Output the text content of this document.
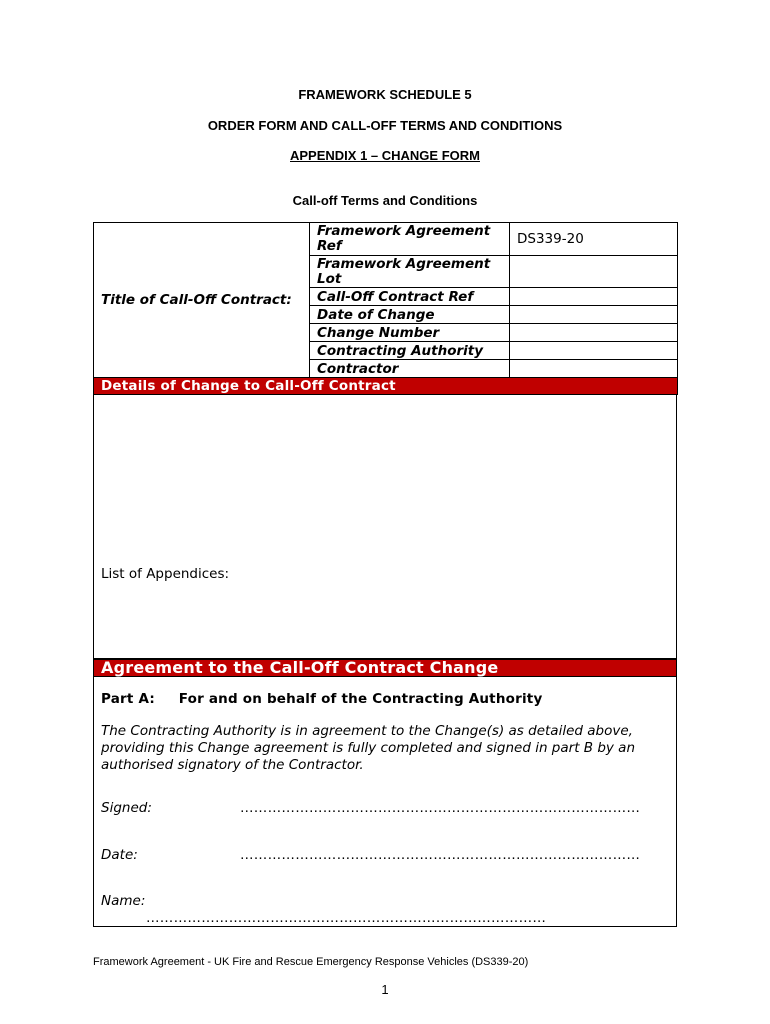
FRAMEWORK SCHEDULE 5
ORDER FORM AND CALL-OFF TERMS AND CONDITIONS
APPENDIX 1 – CHANGE FORM
Call-off Terms and Conditions
Title of Call-Off Contract:	Framework Agreement Ref	DS339-20
	Framework Agreement Lot	
	Call-Off Contract Ref	
	Date of Change	
	Change Number	
	Contracting Authority	
	Contractor	
Details of Change to Call-Off Contract		
List of Appendices:
Agreement to the Call-Off Contract Change
Part A: For and on behalf of the Contracting Authority
The Contracting Authority is in agreement to the Change(s) as detailed above, providing this Change agreement is fully completed and signed in part B by an authorised signatory of the Contractor.
Signed:	……………………………………………………………………………
Date:	……………………………………………………………………………
Name:
……………………………………………………………………………
Framework Agreement - UK Fire and Rescue Emergency Response Vehicles (DS339-20)
1
